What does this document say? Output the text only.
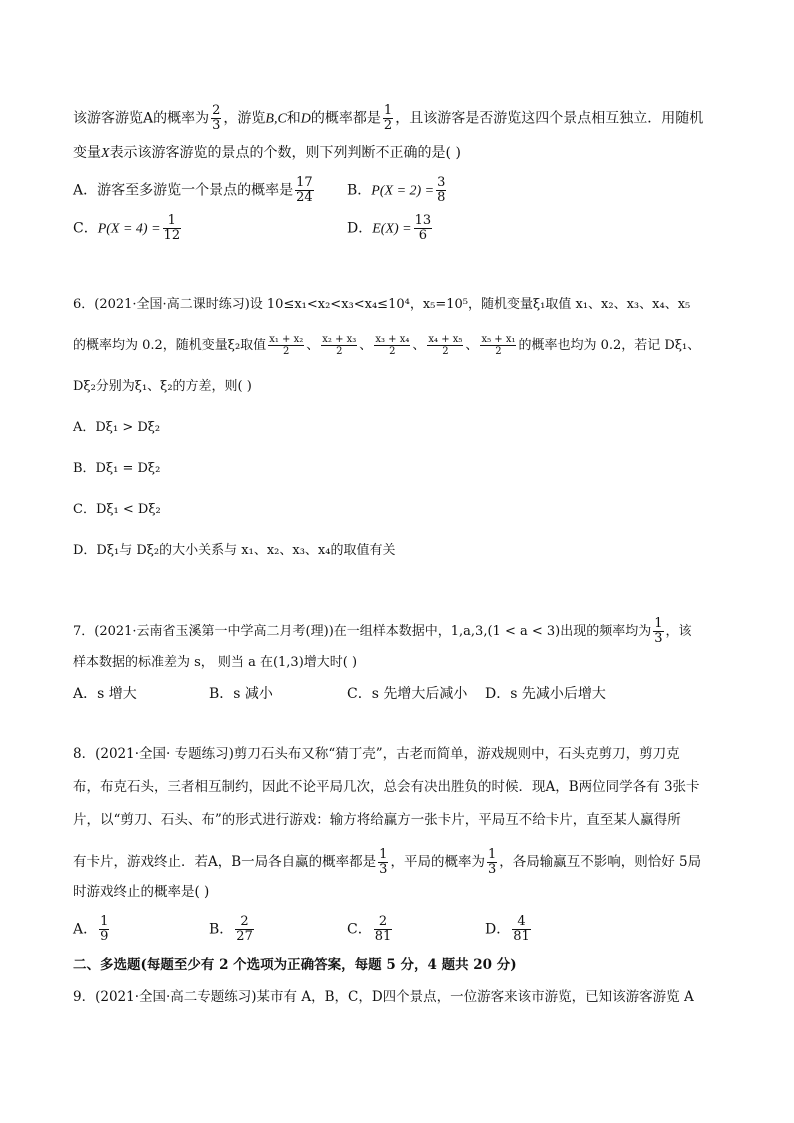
该游客游览A的概率为 $\frac{2}{3}$ ，游览B,C和D的概率都是 $\frac{1}{2}$ ，且该游客是否游览这四个景点相互独立．用随机
变量X表示该游客游览的景点的个数，则下列判断不正确的是( )
A．游客至多游览一个景点的概率是 $\frac{17}{24}$ B．$P(X = 2) = \frac{3}{8}$
C．$P(X = 4) = \frac{1}{12}$	D．$E(X) = \frac{13}{6}$
6．(2021·全国·高二课时练习)设 10≤x₁<x₂<x₃<x₄≤10⁴，x₅=10⁵，随机变量ξ₁取值 x₁、x₂、x₃、x₄、x₅
的概率均为 0.2，随机变量ξ₂取值 $\frac{\text{x₁ + x₂}}{2}$ 、 $\frac{\text{x₂ + x₃}}{2}$ 、 $\frac{\text{x₃ + x₄}}{2}$ 、 $\frac{\text{x₄ + x₅}}{2}$ 、 $\frac{\text{x₅ + x₁}}{2}$ 的概率也均为 0.2，若记 Dξ₁、
Dξ₂分别为ξ₁、ξ₂的方差，则( )
A．Dξ₁ > Dξ₂
B．Dξ₁ = Dξ₂
C．Dξ₁ < Dξ₂
D．Dξ₁与 Dξ₂的大小关系与 x₁、x₂、x₃、x₄的取值有关
7．(2021·云南省玉溪第一中学高二月考(理))在一组样本数据中，1,a,3,(1 < a < 3)出现的频率均为 $\frac{1}{3}$ ，该
样本数据的标准差为 s， 则当 a 在(1,3)增大时( )
A．s 增大	B．s 减小	C．s 先增大后减小 D．s 先减小后增大
8．(2021·全国· 专题练习)剪刀石头布又称“猜丁壳”，古老而简单，游戏规则中，石头克剪刀，剪刀克
布，布克石头，三者相互制约，因此不论平局几次，总会有决出胜负的时候．现A，B两位同学各有 3张卡
片，以“剪刀、石头、布”的形式进行游戏：输方将给赢方一张卡片，平局互不给卡片，直至某人赢得所
有卡片，游戏终止．若A，B一局各自赢的概率都是 $\frac{1}{3}$ ，平局的概率为 $\frac{1}{3}$ ，各局输赢互不影响，则恰好 5局
时游戏终止的概率是( )
A． $\frac{1}{9}$	B． $\frac{2}{27}$	C． $\frac{2}{81}$	D． $\frac{4}{81}$
二、多选题(每题至少有 2 个选项为正确答案，每题 5 分，4 题共 20 分)
9．(2021·全国·高二专题练习)某市有 A，B，C，D四个景点，一位游客来该市游览，已知该游客游览 A
